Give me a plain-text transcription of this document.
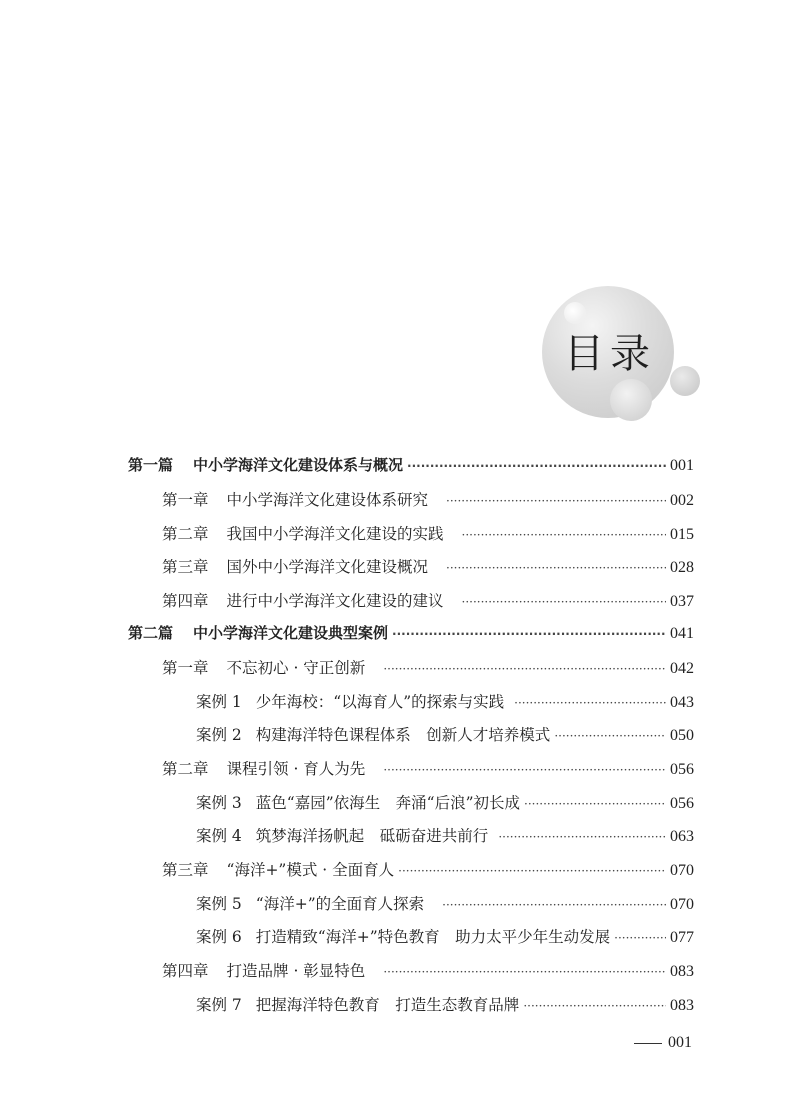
目录
第一篇 中小学海洋文化建设体系与概况 ·····	001
第一章 中小学海洋文化建设体系研究 ·····	002
第二章 我国中小学海洋文化建设的实践 ·····	015
第三章 国外中小学海洋文化建设概况 ·····	028
第四章 进行中小学海洋文化建设的建议 ·····	037
第二篇 中小学海洋文化建设典型案例 ·····	041
第一章 不忘初心 · 守正创新 ·····	042
案例 1 少年海校：“以海育人”的探索与实践 ·····	043
案例 2 构建海洋特色课程体系　创新人才培养模式 ·····	050
第二章 课程引领 · 育人为先 ·····	056
案例 3 蓝色“嘉园”依海生　奔涌“后浪”初长成 ·····	056
案例 4 筑梦海洋扬帆起　砥砺奋进共前行 ·····	063
第三章 “海洋+”模式 · 全面育人 ·····	070
案例 5 “海洋+”的全面育人探索 ·····	070
案例 6 打造精致“海洋+”特色教育　助力太平少年生动发展 ·····	077
第四章 打造品牌 · 彰显特色 ·····	083
案例 7 把握海洋特色教育　打造生态教育品牌 ·····	083
001
